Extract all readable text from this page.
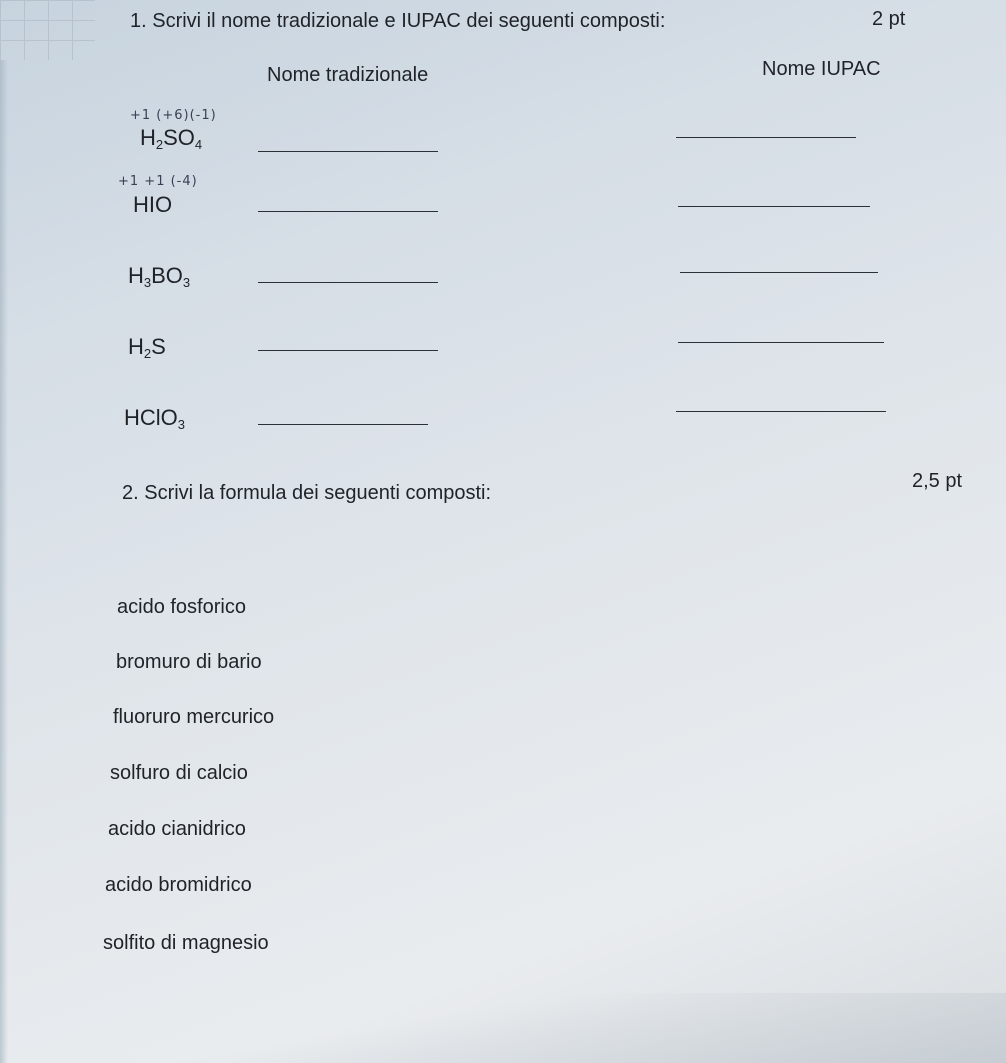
1. Scrivi il nome tradizionale e IUPAC dei seguenti composti:	2 pt
Nome tradizionale	Nome IUPAC
+1 (+6)(-1)
$H_2SO_4$
+1 +1 (-4)
HIO
$H_3BO_3$
$H_2S$
HClO$_3$
2. Scrivi la formula dei seguenti composti:
2,5 pt
acido fosforico
bromuro di bario
fluoruro mercurico
solfuro di calcio
acido cianidrico
acido bromidrico
solfito di magnesio
